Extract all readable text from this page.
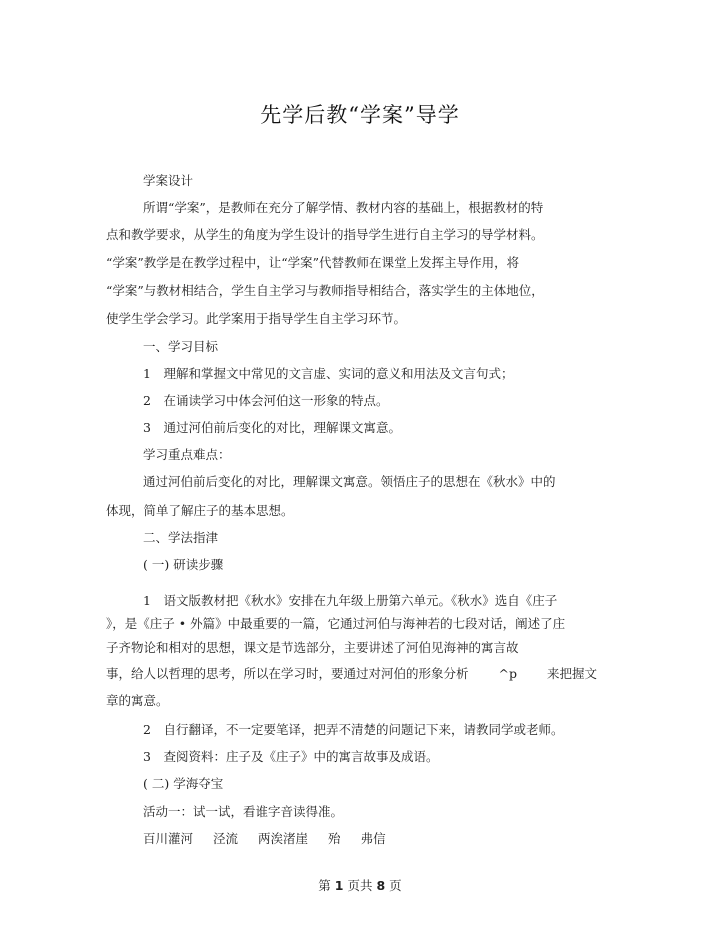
先学后教“学案”导学
学案设计
所谓“学案”，是教师在充分了解学情、教材内容的基础上，根据教材的特
点和教学要求，从学生的角度为学生设计的指导学生进行自主学习的导学材料。
“学案”教学是在教学过程中，让“学案”代替教师在课堂上发挥主导作用，将
“学案”与教材相结合，学生自主学习与教师指导相结合，落实学生的主体地位，
使学生学会学习。此学案用于指导学生自主学习环节。
一、学习目标
1　理解和掌握文中常见的文言虚、实词的意义和用法及文言句式；
2　在诵读学习中体会河伯这一形象的特点。
3　通过河伯前后变化的对比，理解课文寓意。
学习重点难点：
通过河伯前后变化的对比，理解课文寓意。领悟庄子的思想在《秋水》中的
体现，简单了解庄子的基本思想。
二、学法指津
( 一) 研读步骤
1　语文版教材把《秋水》安排在九年级上册第六单元。《秋水》选自《庄子
》，是《庄子 • 外篇》中最重要的一篇，它通过河伯与海神若的七段对话，阐述了庄
子齐物论和相对的思想，课文是节选部分，主要讲述了河伯见海神的寓言故
事，给人以哲理的思考，所以在学习时，要通过对河伯的形象分析 ^p 来把握文
章的寓意。
2　自行翻译，不一定要笔译，把弄不清楚的问题记下来，请教同学或老师。
3　查阅资料：庄子及《庄子》中的寓言故事及成语。
( 二) 学海夺宝
活动一：试一试，看谁字音读得准。
百川灌河 泾流 两涘渚崖 殆 弗信
第 1 页共 8 页
